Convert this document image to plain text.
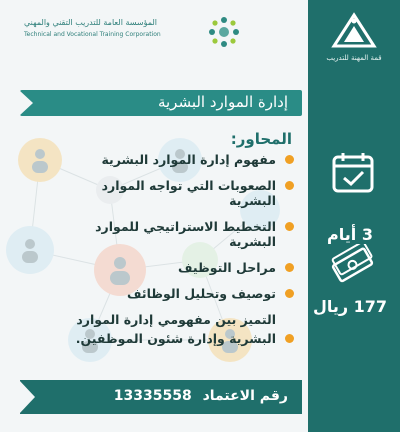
المؤسسة العامة للتدريب التقني والمهني
Technical and Vocational Training Corporation
قمة المهنة للتدريب
3 أيام
177 ريال
إدارة الموارد البشرية
المحاور:
مفهوم إدارة الموارد البشرية
الصعوبات التي تواجه الموارد البشرية
التخطيط الاستراتيجي للموارد البشرية
مراحل التوظيف
توصيف وتحليل الوظائف
التميز بين مفهومي إدارة الموارد
البشرية وإدارة شئون الموظفين.
رقم الاعتماد 13335558
